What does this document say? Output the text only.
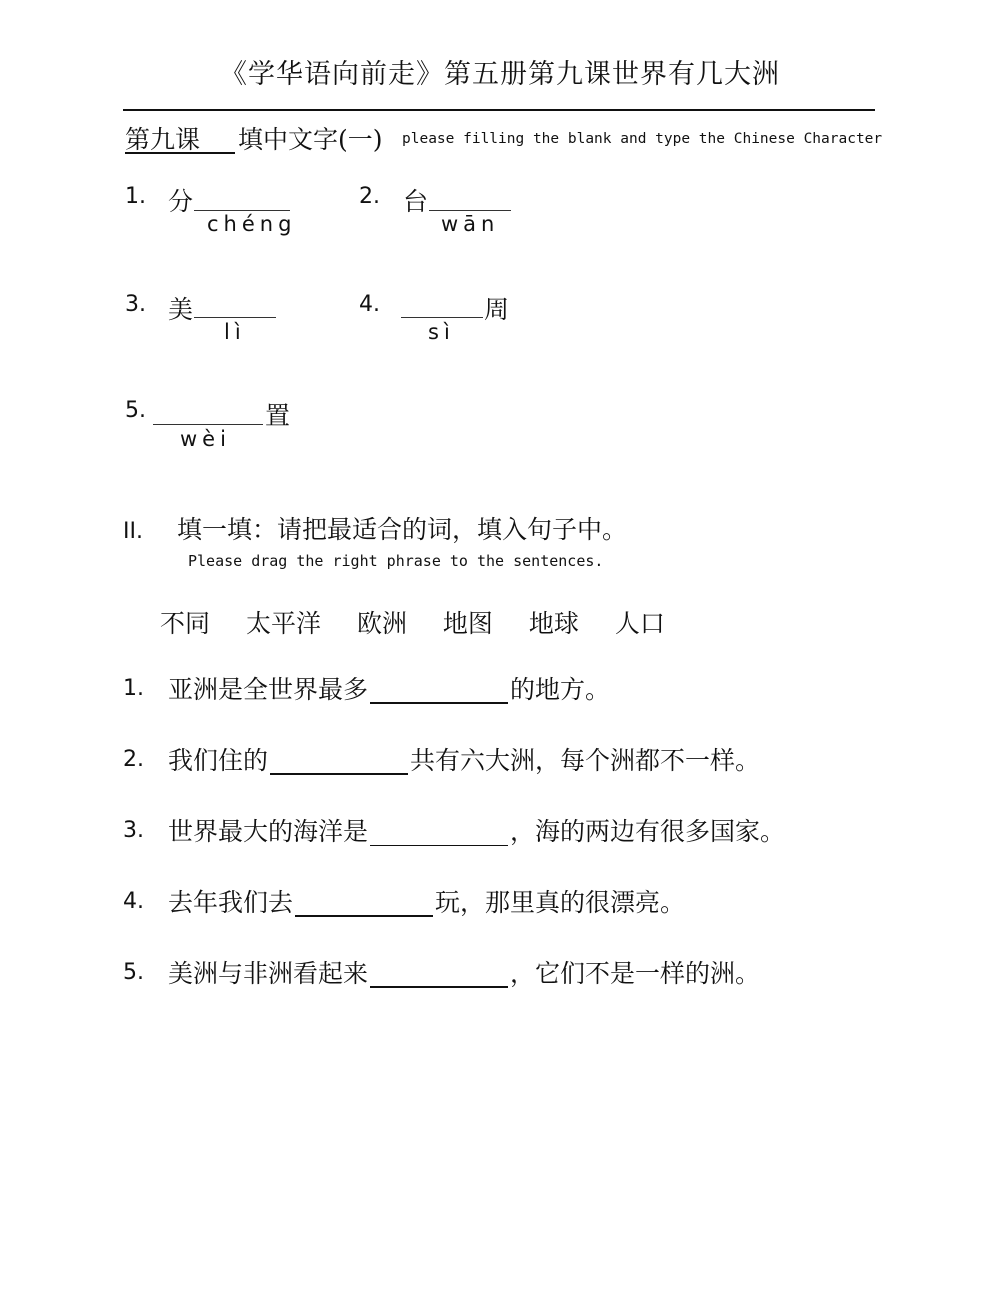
《学华语向前走》第五册第九课世界有几大洲
第九课	填中文字(一) please filling the blank and type the Chinese Character
1. 分
chéng
2. 台
wān
3. 美
lì
4.	周
sì
5.	置
wèi
II. 填一填：请把最适合的词，填入句子中。
Please drag the right phrase to the sentences.
不同 太平洋 欧洲 地图 地球 人口
1. 亚洲是全世界最多	的地方。
2. 我们住的	共有六大洲，每个洲都不一样。
3. 世界最大的海洋是	，海的两边有很多国家。
4. 去年我们去	玩，那里真的很漂亮。
5. 美洲与非洲看起来	，它们不是一样的洲。
